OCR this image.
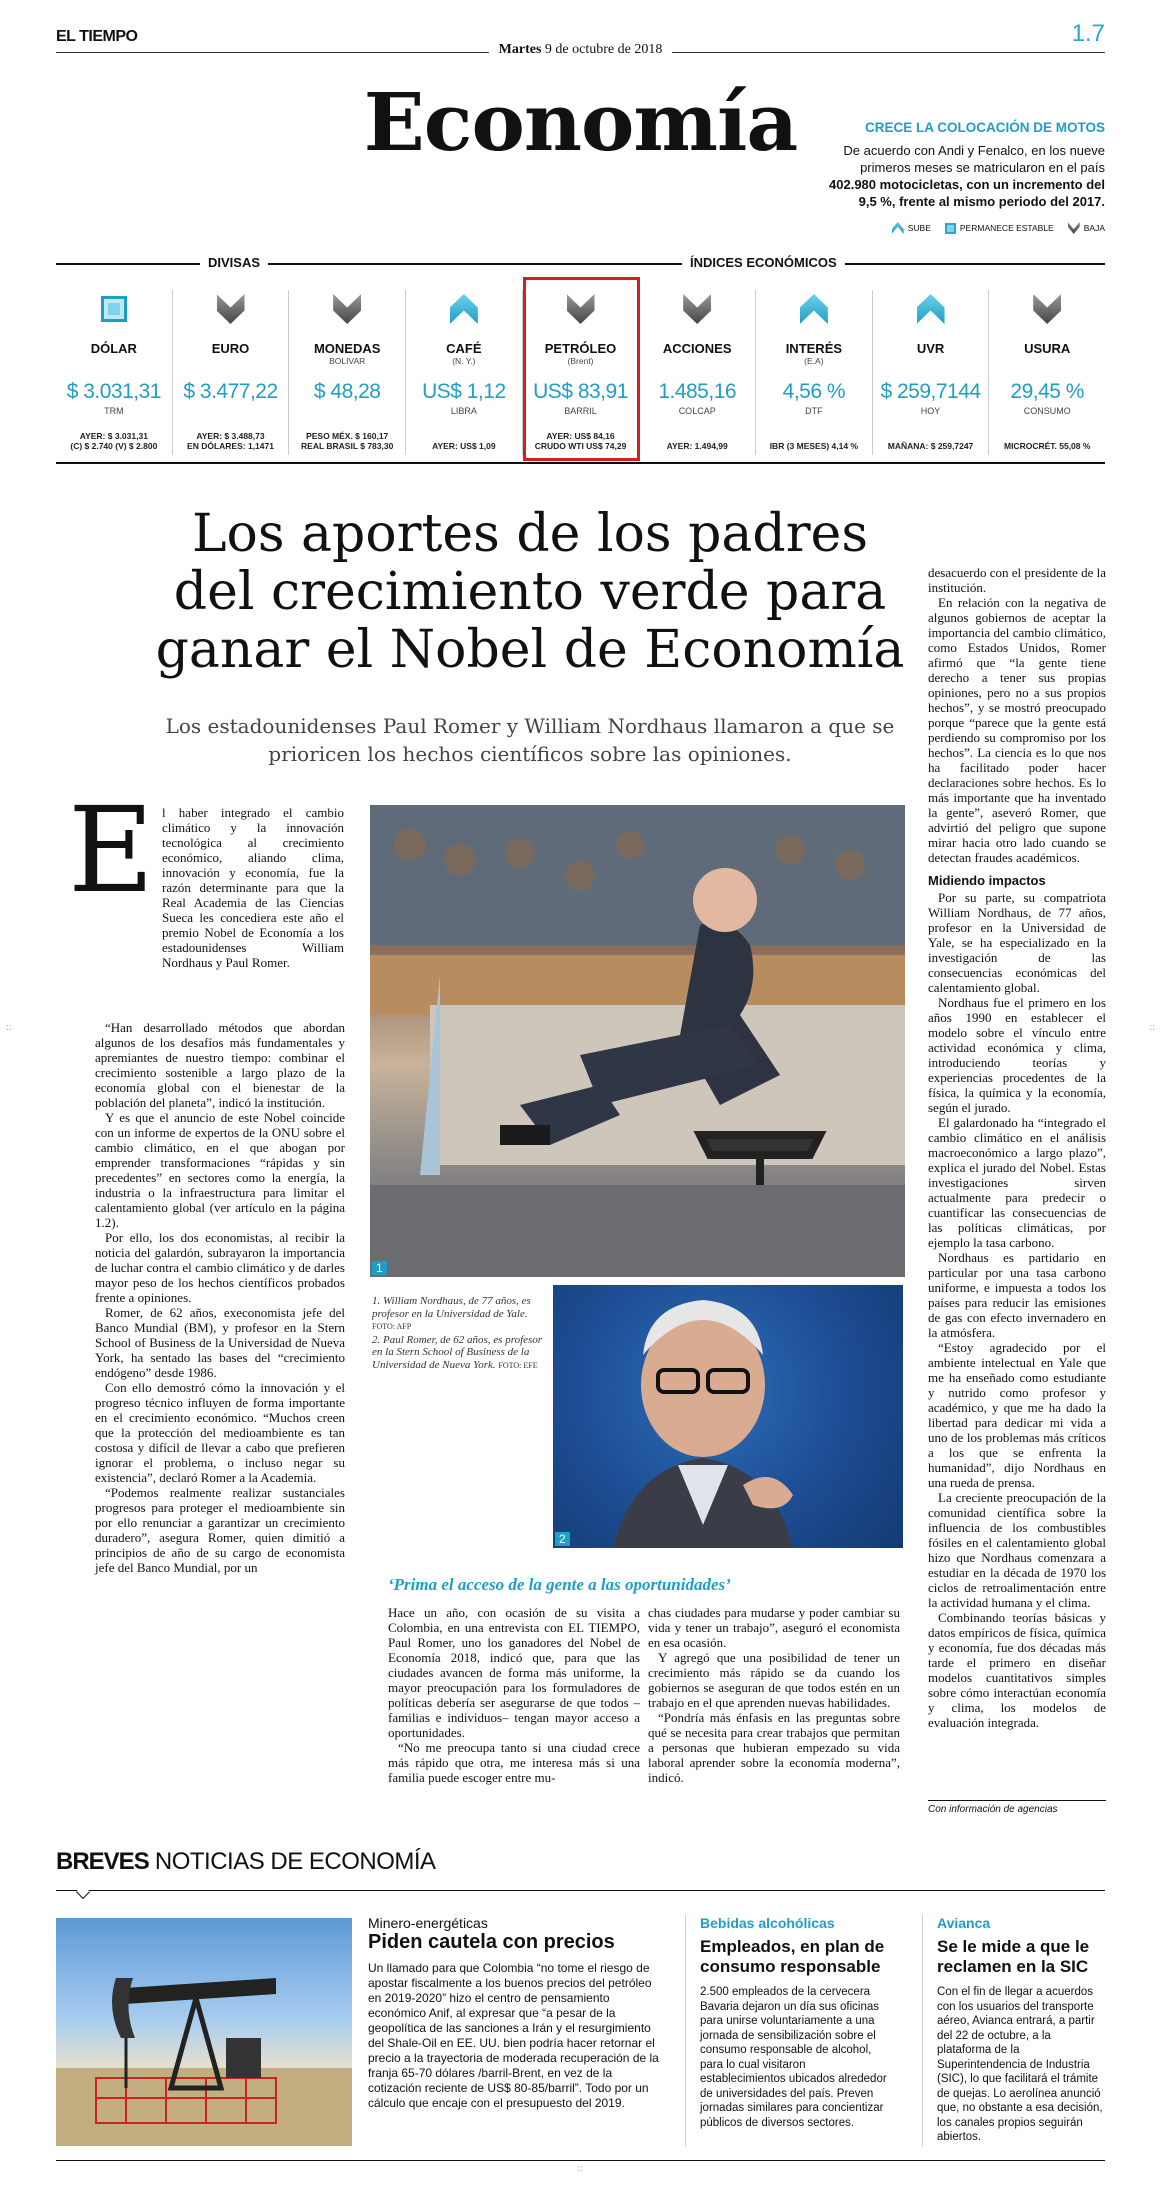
EL TIEMPO
Martes 9 de octubre de 2018
1.7
Economía	CRECE LA COLOCACIÓN DE MOTOS
De acuerdo con Andi y Fenalco, en los nueve primeros meses se matricularon en el país 402.980 motocicletas, con un incremento del 9,5 %, frente al mismo periodo del 2017.
SUBE	PERMANECE ESTABLE	BAJA
DIVISAS	ÍNDICES ECONÓMICOS
DÓLAR
$ 3.031,31
TRM
AYER: $ 3.031,31
(C) $ 2.740 (V) $ 2.800
EURO
$ 3.477,22
AYER: $ 3.488,73
EN DÓLARES: 1,1471
MONEDAS
BOLIVAR
$ 48,28
PESO MÉX. $ 160,17
REAL BRASIL $ 783,30
CAFÉ
(N. Y.)
US$ 1,12
LIBRA
AYER: US$ 1,09

PETRÓLEO
(Brent)
US$ 83,91
BARRIL
AYER: US$ 84,16
CRUDO WTI US$ 74,29
ACCIONES
1.485,16
COLCAP
AYER: 1.494,99

INTERÉS
(E.A)
4,56 %
DTF
IBR (3 MESES) 4,14 %

UVR
$ 259,7144
HOY
MAÑANA: $ 259,7247

USURA
29,45 %
CONSUMO
MICROCRÉT. 55,08 %

Los aportes de los padres del crecimiento verde para ganar el Nobel de Economía
Los estadounidenses Paul Romer y William Nordhaus llamaron a que se prioricen los hechos científicos sobre las opiniones.
E l haber integrado el cambio climático y la innovación tecnológica al crecimiento económico, aliando clima, innovación y economía, fue la razón determinante para que la Real Academia de las Ciencias Sueca les concediera este año el premio Nobel de Economía a los estadounidenses William Nordhaus y Paul Romer.

“Han desarrollado métodos que abordan algunos de los desafíos más fundamentales y apremiantes de nuestro tiempo: combinar el crecimiento sostenible a largo plazo de la economía global con el bienestar de la población del planeta”, indicó la institución.

Y es que el anuncio de este Nobel coincide con un informe de expertos de la ONU sobre el cambio climático, en el que abogan por emprender transformaciones “rápidas y sin precedentes” en sectores como la energía, la industria o la infraestructura para limitar el calentamiento global (ver artículo en la página 1.2).

Por ello, los dos economistas, al recibir la noticia del galardón, subrayaron la importancia de luchar contra el cambio climático y de darles mayor peso de los hechos científicos probados frente a opiniones.

Romer, de 62 años, execonomista jefe del Banco Mundial (BM), y profesor en la Stern School of Business de la Universidad de Nueva York, ha sentado las bases del “crecimiento endógeno” desde 1986.

Con ello demostró cómo la innovación y el progreso técnico influyen de forma importante en el crecimiento económico. “Muchos creen que la protección del medioambiente es tan costosa y difícil de llevar a cabo que prefieren ignorar el problema, o incluso negar su existencia”, declaró Romer a la Academia.

“Podemos realmente realizar sustanciales progresos para proteger el medioambiente sin por ello renunciar a garantizar un crecimiento duradero”, asegura Romer, quien dimitió a principios de año de su cargo de economista jefe del Banco Mundial, por un

1
1. William Nordhaus, de 77 años, es profesor en la Universidad de Yale. FOTO: AFP
2. Paul Romer, de 62 años, es profesor en la Stern School of Business de la Universidad de Nueva York. FOTO: EFE
2
‘Prima el acceso de la gente a las oportunidades’

Hace un año, con ocasión de su visita a Colombia, en una entrevista con EL TIEMPO, Paul Romer, uno los ganadores del Nobel de Economía 2018, indicó que, para que las ciudades avancen de forma más uniforme, la mayor preocupación para los formuladores de políticas debería ser asegurarse de que todos –familias e individuos– tengan mayor acceso a oportunidades.

“No me preocupa tanto si una ciudad crece más rápido que otra, me interesa más si una familia puede escoger entre mu-

chas ciudades para mudarse y poder cambiar su vida y tener un trabajo”, aseguró el economista en esa ocasión.

Y agregó que una posibilidad de tener un crecimiento más rápido se da cuando los gobiernos se aseguran de que todos estén en un trabajo en el que aprenden nuevas habilidades.

“Pondría más énfasis en las preguntas sobre qué se necesita para crear trabajos que permitan a personas que hubieran empezado su vida laboral aprender sobre la economía moderna”, indicó.

desacuerdo con el presidente de la institución.

En relación con la negativa de algunos gobiernos de aceptar la importancia del cambio climático, como Estados Unidos, Romer afirmó que “la gente tiene derecho a tener sus propias opiniones, pero no a sus propios hechos”, y se mostró preocupado porque “parece que la gente está perdiendo su compromiso por los hechos”. La ciencia es lo que nos ha facilitado poder hacer declaraciones sobre hechos. Es lo más importante que ha inventado la gente”, aseveró Romer, que advirtió del peligro que supone mirar hacia otro lado cuando se detectan fraudes académicos.

Midiendo impactos

Por su parte, su compatriota William Nordhaus, de 77 años, profesor en la Universidad de Yale, se ha especializado en la investigación de las consecuencias económicas del calentamiento global.

Nordhaus fue el primero en los años 1990 en establecer el modelo sobre el vínculo entre actividad económica y clima, introduciendo teorías y experiencias procedentes de la física, la química y la economía, según el jurado.

El galardonado ha “integrado el cambio climático en el análisis macroeconómico a largo plazo”, explica el jurado del Nobel. Estas investigaciones sirven actualmente para predecir o cuantificar las consecuencias de las políticas climáticas, por ejemplo la tasa carbono.

Nordhaus es partidario en particular por una tasa carbono uniforme, e impuesta a todos los países para reducir las emisiones de gas con efecto invernadero en la atmósfera.

“Estoy agradecido por el ambiente intelectual en Yale que me ha enseñado como estudiante y nutrido como profesor y académico, y que me ha dado la libertad para dedicar mi vida a uno de los problemas más críticos a los que se enfrenta la humanidad”, dijo Nordhaus en una rueda de prensa.

La creciente preocupación de la comunidad científica sobre la influencia de los combustibles fósiles en el calentamiento global hizo que Nordhaus comenzara a estudiar en la década de 1970 los ciclos de retroalimentación entre la actividad humana y el clima.

Combinando teorías básicas y datos empíricos de física, química y economía, fue dos décadas más tarde el primero en diseñar modelos cuantitativos simples sobre cómo interactúan economía y clima, los modelos de evaluación integrada.

Con información de agencias
::	::
BREVES NOTICIAS DE ECONOMÍA
Minero-energéticas
Piden cautela con precios
Un llamado para que Colombia “no tome el riesgo de apostar fiscalmente a los buenos precios del petróleo en 2019-2020” hizo el centro de pensamiento económico Anif, al expresar que “a pesar de la geopolítica de las sanciones a Irán y el resurgimiento del Shale-Oil en EE. UU. bien podría hacer retornar el precio a la trayectoria de moderada recuperación de la franja 65-70 dólares /barril-Brent, en vez de la cotización reciente de US$ 80-85/barril”. Todo por un cálculo que encaje con el presupuesto del 2019.
Bebidas alcohólicas
Empleados, en plan de consumo responsable
2.500 empleados de la cervecera Bavaria dejaron un día sus oficinas para unirse voluntariamente a una jornada de sensibilización sobre el consumo responsable de alcohol, para lo cual visitaron establecimientos ubicados alrededor de universidades del país. Preven jornadas similares para concientizar públicos de diversos sectores.
Avianca
Se le mide a que le reclamen en la SIC
Con el fin de llegar a acuerdos con los usuarios del transporte aéreo, Avianca entrará, a partir del 22 de octubre, a la plataforma de la Superintendencia de Industria (SIC), lo que facilitará el trámite de quejas. Lo aerolínea anunció que, no obstante a esa decisión, los canales propios seguirán abiertos.
::
